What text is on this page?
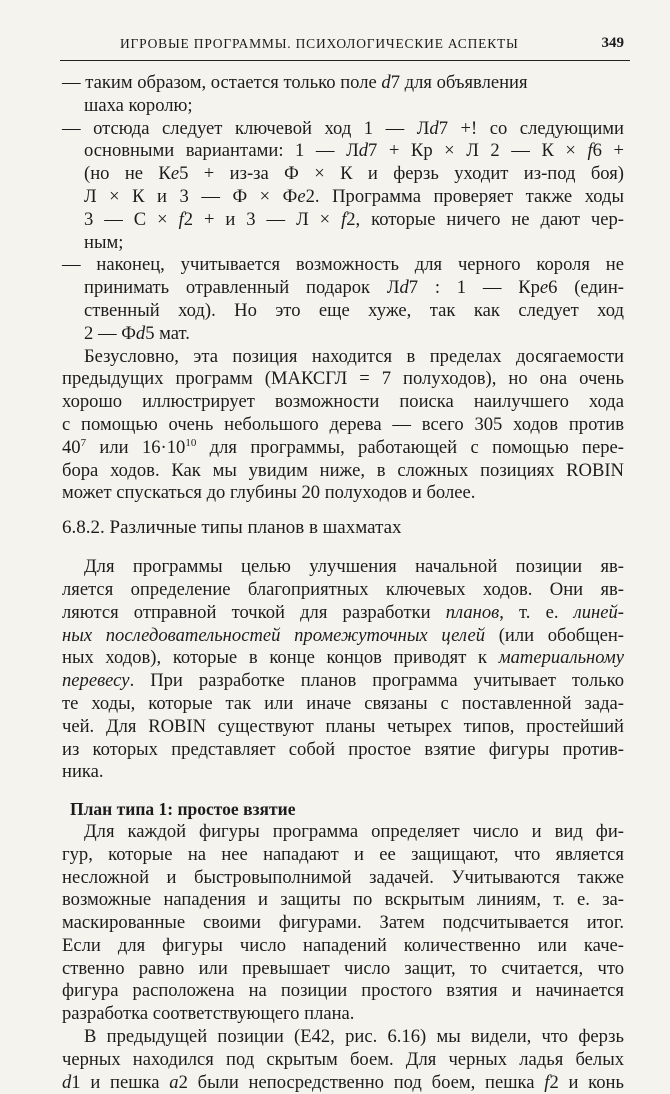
ИГРОВЫЕ ПРОГРАММЫ. ПСИХОЛОГИЧЕСКИЕ АСПЕКТЫ	349
— таким образом, остается только поле d7 для объявления
шаха королю;
— отсюда следует ключевой ход 1 — Лd7 +! со следующими
основными вариантами: 1 — Лd7 + Кр × Л 2 — К × f6 +
(но не Кe5 + из-за Ф × К и ферзь уходит из-под боя)
Л × К и 3 — Ф × Фe2. Программа проверяет также ходы
3 — С × f2 + и 3 — Л × f2, которые ничего не дают чер-
ным;
— наконец, учитывается возможность для черного короля не
принимать отравленный подарок Лd7 : 1 — Крe6 (един-
ственный ход). Но это еще хуже, так как следует ход
2 — Фd5 мат.
Безусловно, эта позиция находится в пределах досягаемости
предыдущих программ (МАКСГЛ = 7 полуходов), но она очень
хорошо иллюстрирует возможности поиска наилучшего хода
с помощью очень небольшого дерева — всего 305 ходов против
$40^7$ или $16\cdot 10^{10}$ для программы, работающей с помощью пере-
бора ходов. Как мы увидим ниже, в сложных позициях ROBIN
может спускаться до глубины 20 полуходов и более.
6.8.2. Различные типы планов в шахматах
Для программы целью улучшения начальной позиции яв-
ляется определение благоприятных ключевых ходов. Они яв-
ляются отправной точкой для разработки планов, т. е. линей-
ных последовательностей промежуточных целей (или обобщен-
ных ходов), которые в конце концов приводят к материальному
перевесу. При разработке планов программа учитывает только
те ходы, которые так или иначе связаны с поставленной зада-
чей. Для ROBIN существуют планы четырех типов, простейший
из которых представляет собой простое взятие фигуры против-
ника.
План типа 1: простое взятие
Для каждой фигуры программа определяет число и вид фи-
гур, которые на нее нападают и ее защищают, что является
несложной и быстровыполнимой задачей. Учитываются также
возможные нападения и защиты по вскрытым линиям, т. е. за-
маскированные своими фигурами. Затем подсчитывается итог.
Если для фигуры число нападений количественно или каче-
ственно равно или превышает число защит, то считается, что
фигура расположена на позиции простого взятия и начинается
разработка соответствующего плана.
В предыдущей позиции (Е42, рис. 6.16) мы видели, что ферзь
черных находился под скрытым боем. Для черных ладья белых
d1 и пешка a2 были непосредственно под боем, пешка f2 и конь
